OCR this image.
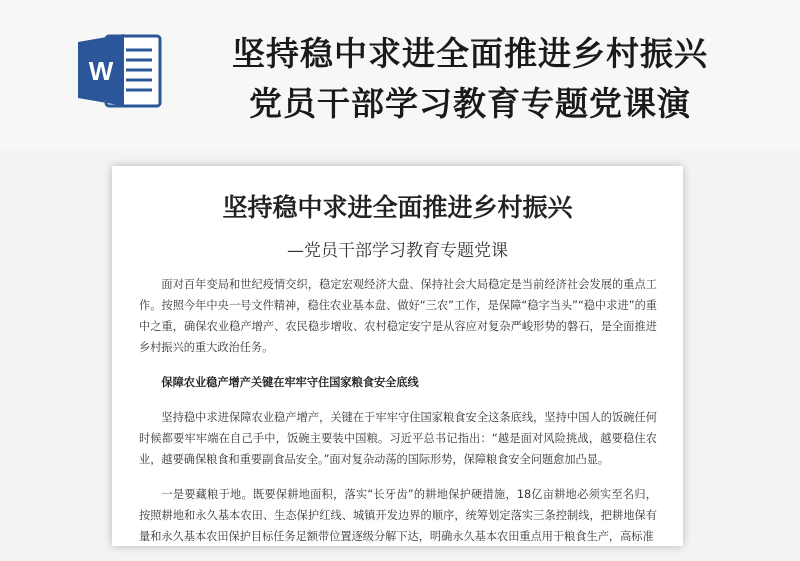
W	坚持稳中求进全面推进乡村振兴
党员干部学习教育专题党课演
坚持稳中求进全面推进乡村振兴
—党员干部学习教育专题党课

面对百年变局和世纪疫情交织，稳定宏观经济大盘、保持社会大局稳定是当前经济社会发展的重点工作。按照今年中央一号文件精神，稳住农业基本盘、做好“三农”工作，是保障“稳字当头”“稳中求进”的重中之重，确保农业稳产增产、农民稳步增收、农村稳定安宁是从容应对复杂严峻形势的磐石，是全面推进乡村振兴的重大政治任务。

保障农业稳产增产关键在牢牢守住国家粮食安全底线

坚持稳中求进保障农业稳产增产，关键在于牢牢守住国家粮食安全这条底线，坚持中国人的饭碗任何时候都要牢牢端在自己手中，饭碗主要装中国粮。习近平总书记指出：“越是面对风险挑战，越要稳住农业，越要确保粮食和重要副食品安全。”面对复杂动荡的国际形势，保障粮食安全问题愈加凸显。

一是要藏粮于地。既要保耕地面积，落实“长牙齿”的耕地保护硬措施，18亿亩耕地必须实至名归，按照耕地和永久基本农田、生态保护红线、城镇开发边界的顺序，统筹划定落实三条控制线，把耕地保有量和永久基本农田保护目标任务足额带位置逐级分解下达，明确永久基本农田重点用于粮食生产，高标准
